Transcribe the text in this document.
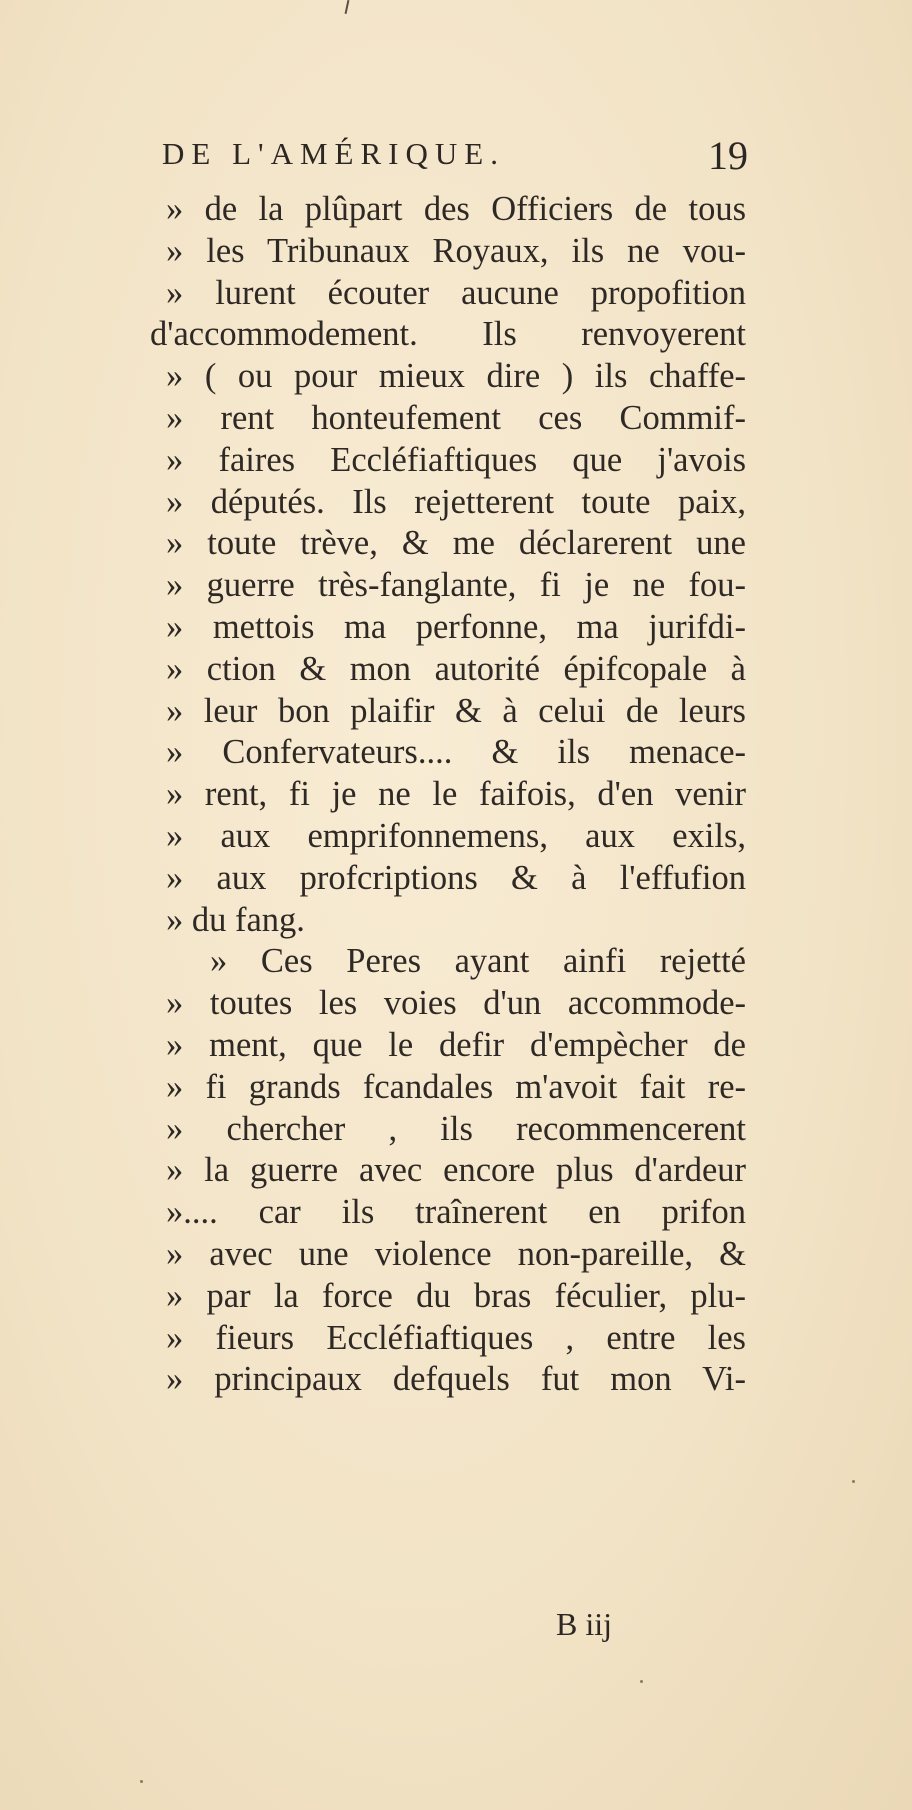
DE L'AMÉRIQUE.	19
» de la plûpart des Officiers de tous
» les Tribunaux Royaux, ils ne vou-
» lurent écouter aucune propofition
d'accommodement. Ils renvoyerent
» ( ou pour mieux dire ) ils chaffe-
» rent honteufement ces Commif-
» faires Eccléfiaftiques que j'avois
» députés. Ils rejetterent toute paix,
» toute trève, & me déclarerent une
» guerre très-fanglante, fi je ne fou-
» mettois ma perfonne, ma jurifdi-
» ction & mon autorité épifcopale à
» leur bon plaifir & à celui de leurs
» Confervateurs.... & ils menace-
» rent, fi je ne le faifois, d'en venir
» aux emprifonnemens, aux exils,
» aux profcriptions & à l'effufion
» du fang.
» Ces Peres ayant ainfi rejetté
» toutes les voies d'un accommode-
» ment, que le defir d'empècher de
» fi grands fcandales m'avoit fait re-
» chercher , ils recommencerent
» la guerre avec encore plus d'ardeur
».... car ils traînerent en prifon
» avec une violence non-pareille, &
» par la force du bras féculier, plu-
» fieurs Eccléfiaftiques , entre les
» principaux defquels fut mon Vi-
B iij
